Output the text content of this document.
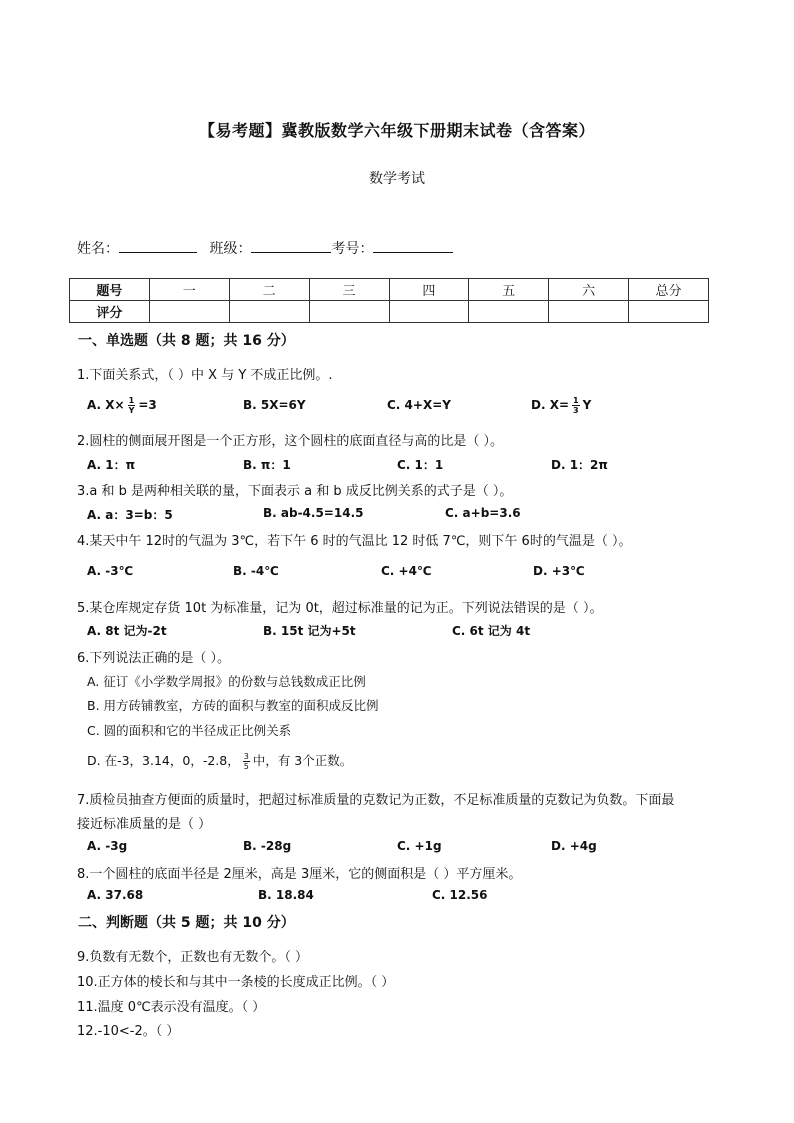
【易考题】冀教版数学六年级下册期末试卷（含答案）
数学考试
姓名：	班级：	考号：
题号	一	二	三	四	五	六	总分
评分							
一、单选题（共 8 题；共 16 分）
1.下面关系式，（ ）中 X 与 Y 不成正比例。.
A. $X\times \frac{1}{Y} =3$	B. 5X=6Y	C. 4+X=Y	D. $X= \frac{1}{3}$ Y
2.圆柱的侧面展开图是一个正方形，这个圆柱的底面直径与高的比是（ ）。
A. 1：π	B. π：1	C. 1：1	D. 1：2π
3.a 和 b 是两种相关联的量，下面表示 a 和 b 成反比例关系的式子是（ ）。
A. a：3=b：5	B. ab-4.5=14.5	C. a+b=3.6
4.某天中午 12时的气温为 3℃，若下午 6 时的气温比 12 时低 7℃，则下午 6时的气温是（ ）。
A. -3℃	B. -4℃	C. +4℃	D. +3℃
5.某仓库规定存货 10t 为标准量，记为 0t，超过标准量的记为正。下列说法错误的是（ ）。
A. 8t 记为-2t	B. 15t 记为+5t	C. 6t 记为 4t
6.下列说法正确的是（ ）。
A. 征订《小学数学周报》的份数与总钱数成正比例
B. 用方砖铺教室，方砖的面积与教室的面积成反比例
C. 圆的面积和它的半径成正比例关系
D. 在-3，3.14，0，-2.8， $\frac{3}{5}$ 中，有 3个正数。
7.质检员抽查方便面的质量时，把超过标准质量的克数记为正数，不足标准质量的克数记为负数。下面最
接近标准质量的是（ ）
A. -3g	B. -28g	C. +1g	D. +4g
8.一个圆柱的底面半径是 2厘米，高是 3厘米，它的侧面积是（ ）平方厘米。
A. 37.68	B. 18.84	C. 12.56
二、判断题（共 5 题；共 10 分）
9.负数有无数个，正数也有无数个。（ ）
10.正方体的棱长和与其中一条棱的长度成正比例。（ ）
11.温度 0℃表示没有温度。（ ）
12.-10<-2。（ ）
